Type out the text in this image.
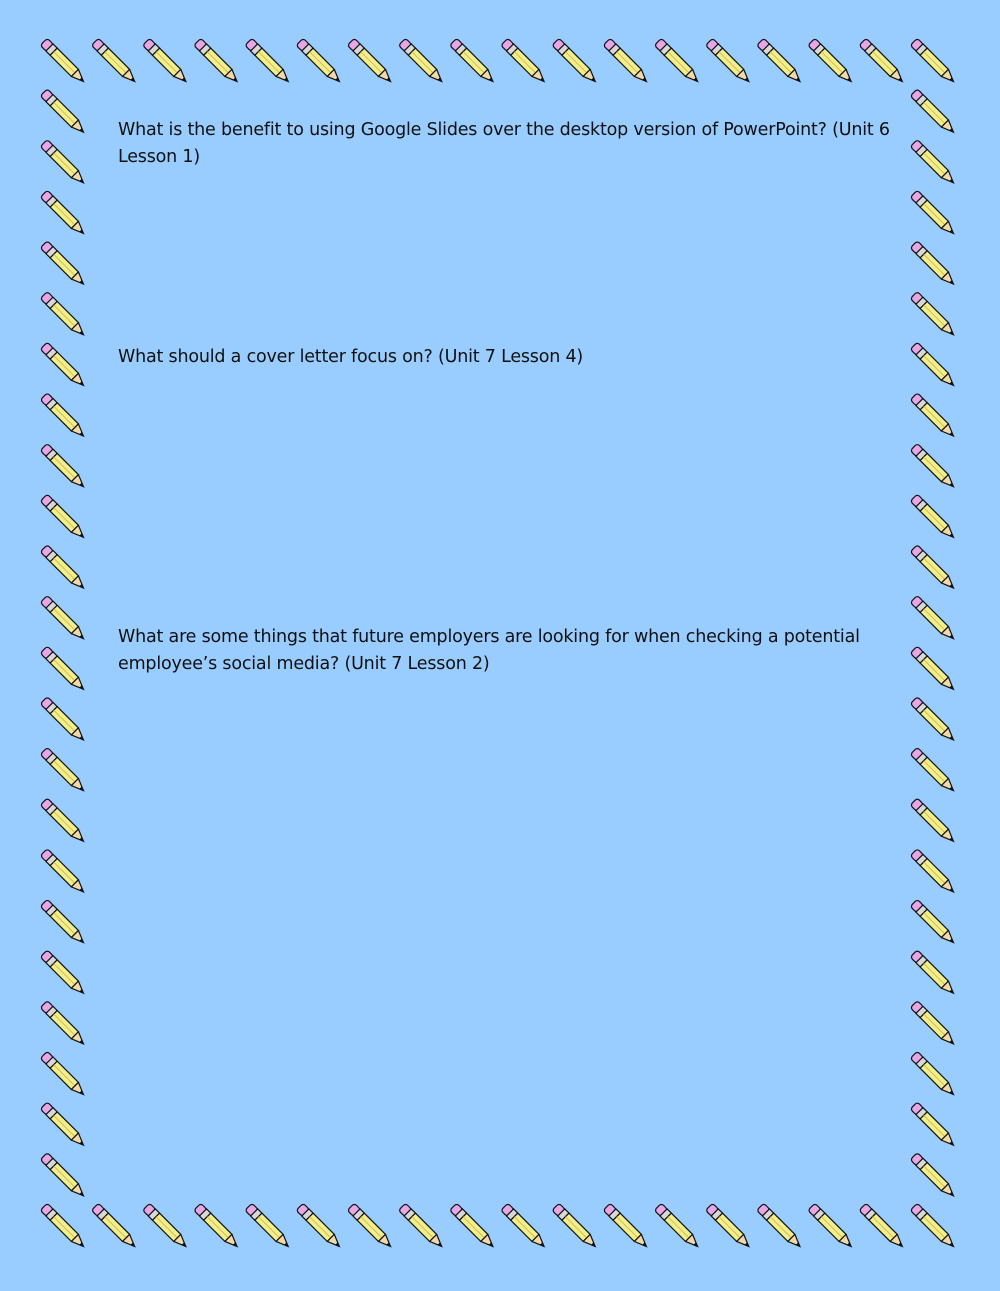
What is the benefit to using Google Slides over the desktop version of PowerPoint? (Unit 6 Lesson 1)

What should a cover letter focus on? (Unit 7 Lesson 4)

What are some things that future employers are looking for when checking a potential employee’s social media? (Unit 7 Lesson 2)
